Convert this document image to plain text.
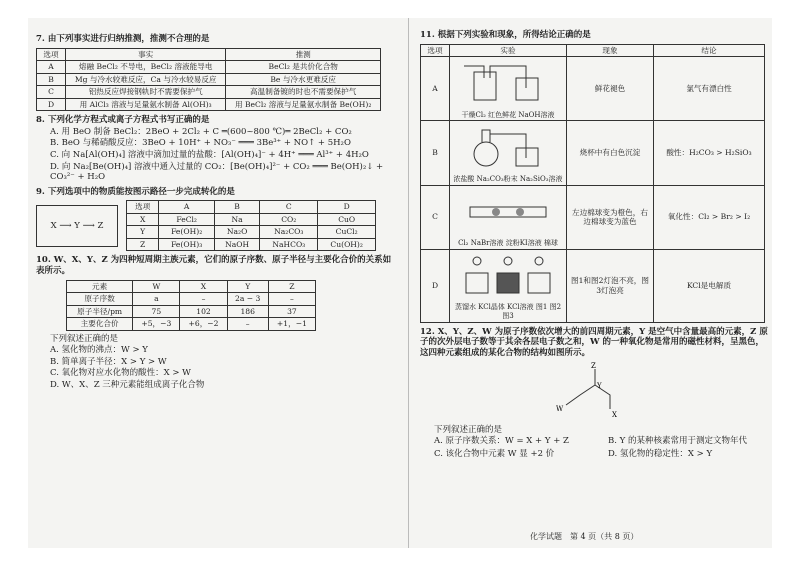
7. 由下列事实进行归纳推测，推测不合理的是
选项	事实	推测
A	熔融 BeCl₂ 不导电，BeCl₂ 溶液能导电	BeCl₂ 是共价化合物
B	Mg 与冷水较难反应，Ca 与冷水较易反应	Be 与冷水更难反应
C	铝热反应焊接钢轨时不需要保护气	高温制备镀的时也不需要保护气
D	用 AlCl₃ 溶液与足量氨水制备 Al(OH)₃	用 BeCl₂ 溶液与足量氨水制备 Be(OH)₂
8. 下列化学方程式或离子方程式书写正确的是
A. 用 BeO 制备 BeCl₂：2BeO + 2Cl₂ + C ═(600~800 ℃)═ 2BeCl₂ + CO₂
B. BeO 与稀硝酸反应：3BeO + 10H⁺ + NO₃⁻ ═══ 3Be³⁺ + NO↑ + 5H₂O
C. 向 Na[Al(OH)₄] 溶液中滴加过量的盐酸：[Al(OH)₄]⁻ + 4H⁺ ═══ Al³⁺ + 4H₂O
D. 向 Na₂[Be(OH)₄] 溶液中通入过量的 CO₂：[Be(OH)₄]²⁻ + CO₂ ═══ Be(OH)₂↓ + CO₃²⁻ + H₂O
9. 下列选项中的物质能按图示路径一步完成转化的是
X ⟶ Y ⟶ Z
选项	A	B	C	D
X	FeCl₂	Na	CO₂	CuO
Y	Fe(OH)₂	Na₂O	Na₂CO₃	CuCl₂
Z	Fe(OH)₃	NaOH	NaHCO₃	Cu(OH)₂
10. W、X、Y、Z 为四种短周期主族元素，它们的原子序数、原子半径与主要化合价的关系如表所示。
元素	W	X	Y	Z
原子序数	a	–	2a − 3	–
原子半径/pm	75	102	186	37
主要化合价	+5，−3	+6，−2	–	+1，−1
下列叙述正确的是
A. 氢化物的沸点：W > Y
B. 简单离子半径：X > Y > W
C. 氧化物对应水化物的酸性：X > W
D. W、X、Z 三种元素能组成离子化合物
11. 根据下列实验和现象，所得结论正确的是
选项	实验	现象	结论
A	干燥Cl₂ 红色鲜花 NaOH溶液	鲜花褪色	氯气有漂白性
B	浓盐酸 Na₂CO₃粉末 Na₂SiO₃溶液	烧杯中有白色沉淀	酸性：H₂CO₃ > H₂SiO₃
C	Cl₂ NaBr溶液 淀粉KI溶液 棉球	左边棉球变为橙色，右边棉球变为蓝色	氧化性：Cl₂ > Br₂ > I₂
D	蒸馏水 KCl晶体 KCl溶液 图1 图2 图3	图1和图2灯泡不亮，图3灯泡亮	KCl是电解质
12. X、Y、Z、W 为原子序数依次增大的前四周期元素，Y 是空气中含量最高的元素，Z 原子的次外层电子数等于其余各层电子数之和，W 的一种氧化物是常用的磁性材料，呈黑色，这四种元素组成的某化合物的结构如图所示。
Z
Y
X
W
下列叙述正确的是
A. 原子序数关系：W = X + Y + Z	B. Y 的某种核素常用于测定文物年代
C. 该化合物中元素 W 显 +2 价	D. 氢化物的稳定性：X > Y
化学试题　第 4 页（共 8 页）
